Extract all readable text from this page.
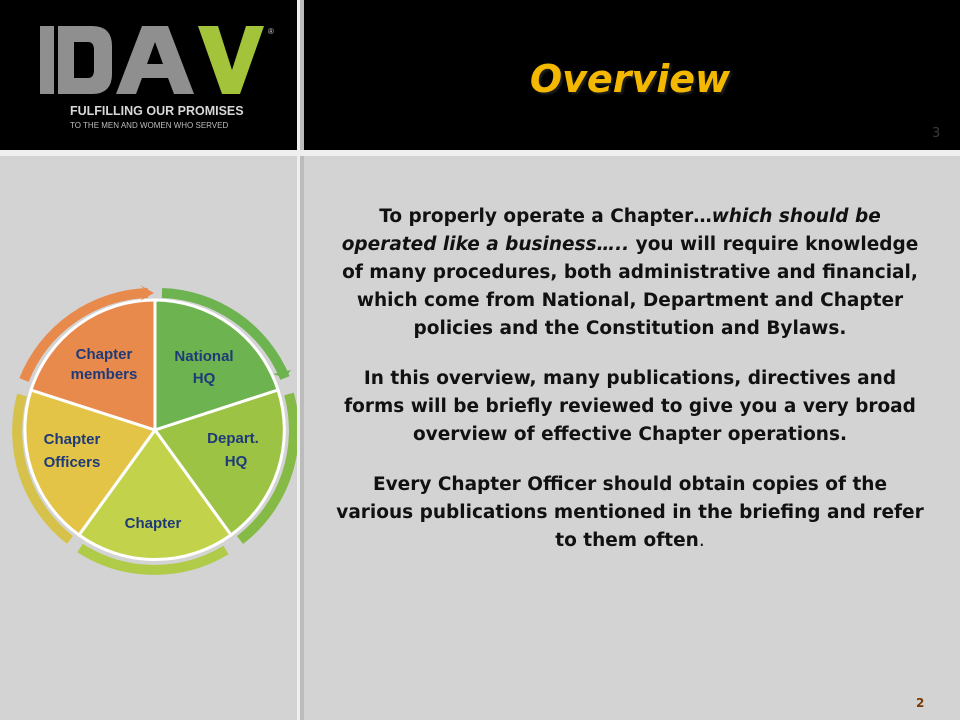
®
FULFILLING OUR PROMISES
TO THE MEN AND WOMEN WHO SERVED
Overview
3
National
HQ
Depart.
HQ
Chapter
Chapter
Officers
Chapter
members

To properly operate a Chapter…which should be operated like a business….. you will require knowledge of many procedures, both administrative and financial, which come from National, Department and Chapter policies and the Constitution and Bylaws.

In this overview, many publications, directives and forms will be briefly reviewed to give you a very broad overview of effective Chapter operations.

Every Chapter Officer should obtain copies of the various publications mentioned in the briefing and refer to them often.

2
